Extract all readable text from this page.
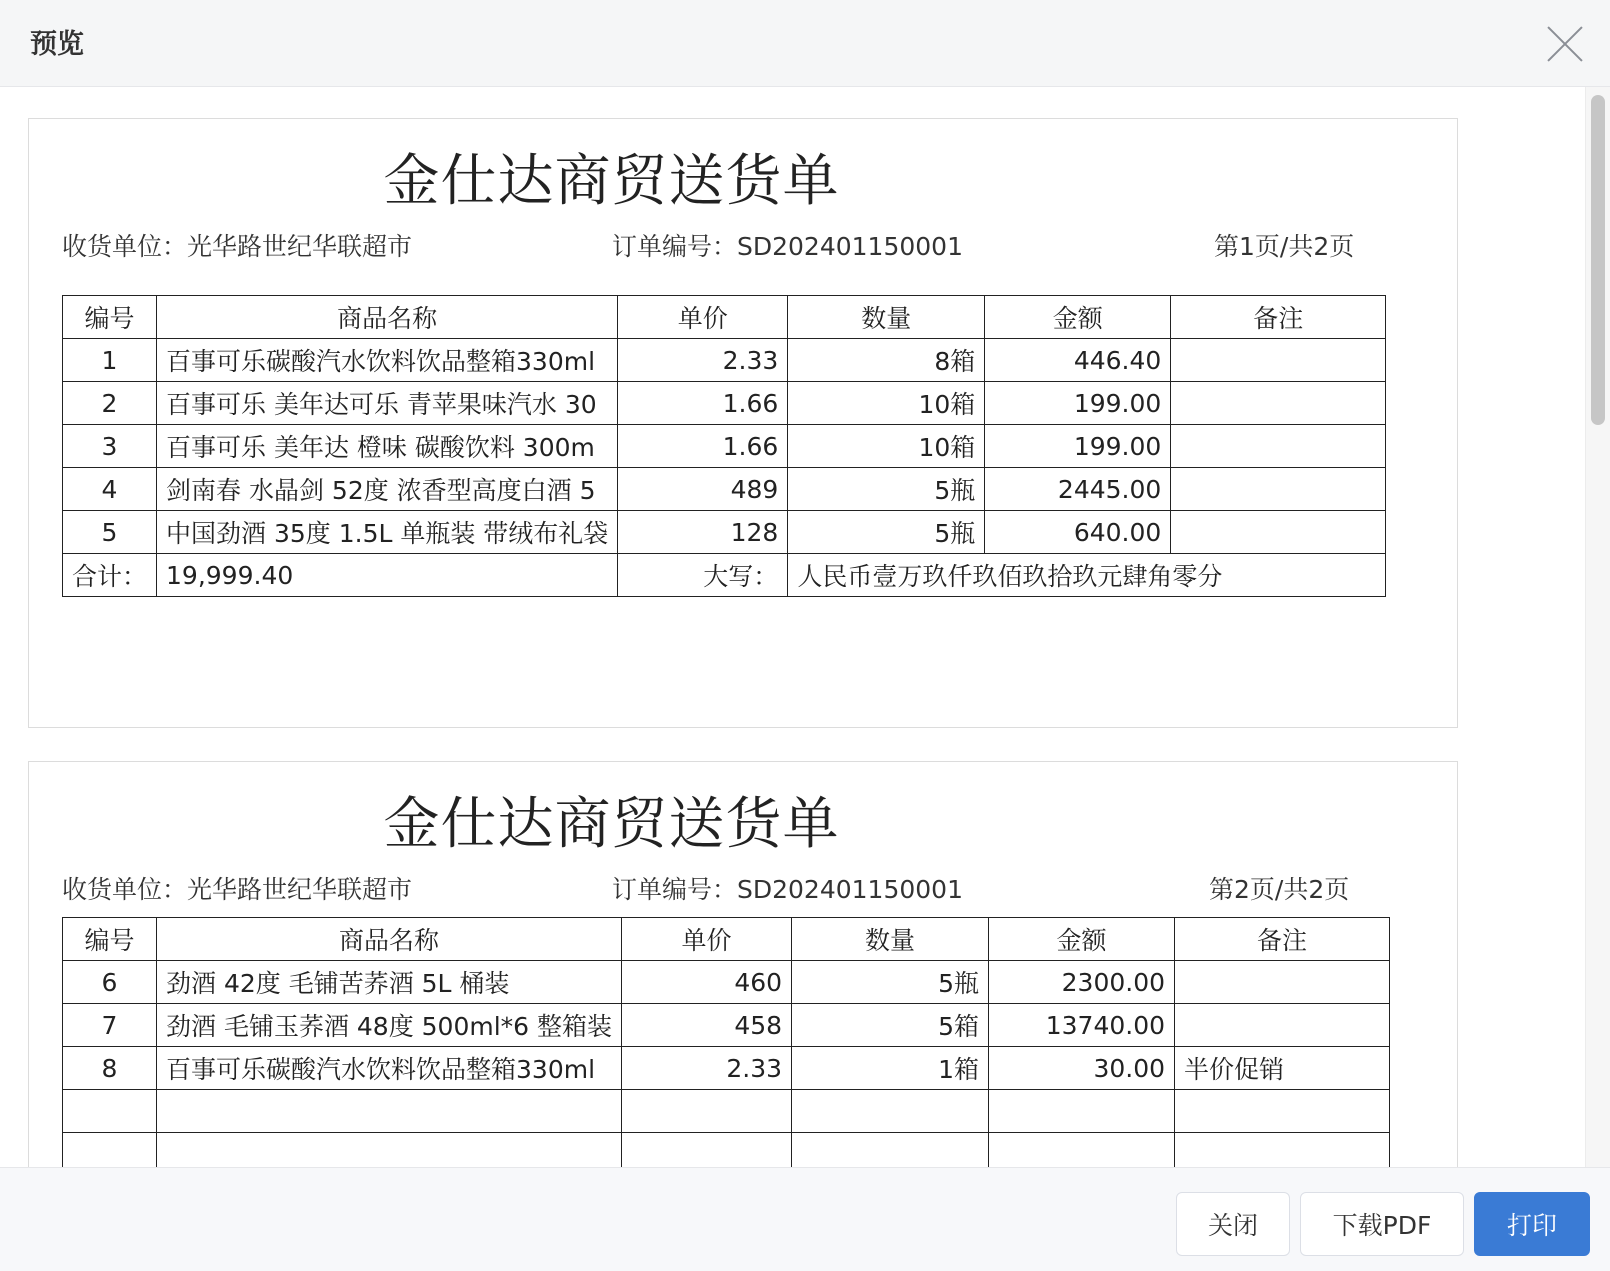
预览
金仕达商贸送货单
收货单位：光华路世纪华联超市	订单编号：SD202401150001	第1页/共2页
编号	商品名称	单价	数量	金额	备注
1	百事可乐碳酸汽水饮料饮品整箱330ml	2.33	8箱	446.40	
2	百事可乐 美年达可乐 青苹果味汽水 30	1.66	10箱	199.00	
3	百事可乐 美年达 橙味 碳酸饮料 300m	1.66	10箱	199.00	
4	剑南春 水晶剑 52度 浓香型高度白酒 5	489	5瓶	2445.00	
5	中国劲酒 35度 1.5L 单瓶装 带绒布礼袋	128	5瓶	640.00	
合计：	19,999.40	大写：	人民币壹万玖仟玖佰玖拾玖元肆角零分		
金仕达商贸送货单
收货单位：光华路世纪华联超市	订单编号：SD202401150001	第2页/共2页
编号	商品名称	单价	数量	金额	备注
6	劲酒 42度 毛铺苦荞酒 5L 桶装	460	5瓶	2300.00	
7	劲酒 毛铺玉荞酒 48度 500ml*6 整箱装	458	5箱	13740.00	
8	百事可乐碳酸汽水饮料饮品整箱330ml	2.33	1箱	30.00	半价促销

关闭	下载PDF	打印
